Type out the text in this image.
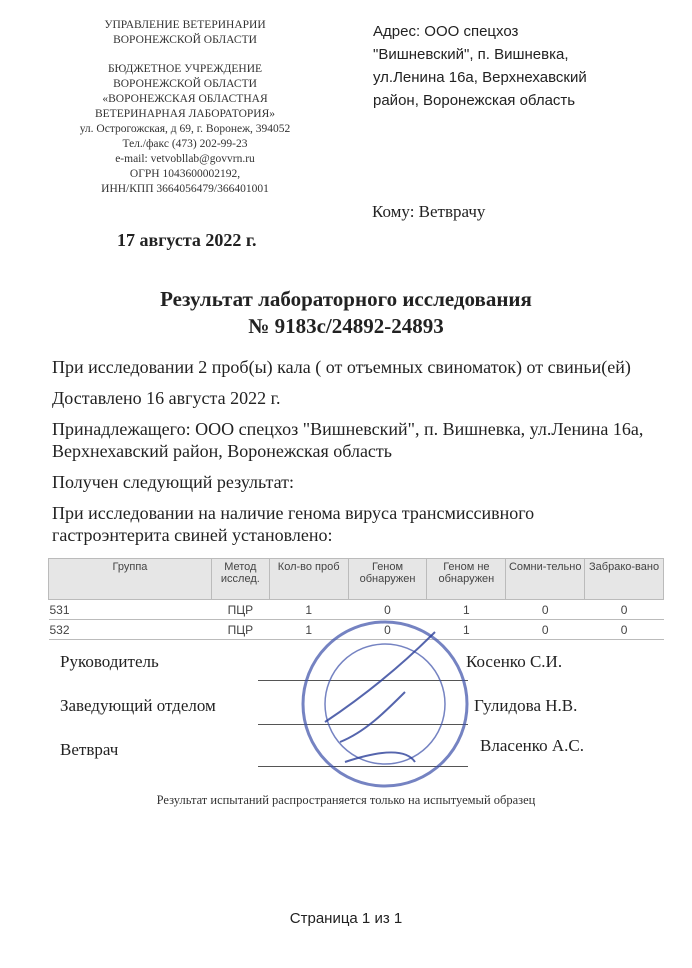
УПРАВЛЕНИЕ ВЕТЕРИНАРИИ
ВОРОНЕЖСКОЙ ОБЛАСТИ
БЮДЖЕТНОЕ УЧРЕЖДЕНИЕ
ВОРОНЕЖСКОЙ ОБЛАСТИ
«ВОРОНЕЖСКАЯ ОБЛАСТНАЯ
ВЕТЕРИНАРНАЯ ЛАБОРАТОРИЯ»
ул. Острогожская, д 69, г. Воронеж, 394052
Тел./факс (473) 202-99-23
e-mail: vetvobllab@govvrn.ru
ОГРН 1043600002192,
ИНН/КПП 3664056479/366401001
Адрес: ООО спецхоз
"Вишневский", п. Вишневка,
ул.Ленина 16а, Верхнехавский
район, Воронежская область
Кому: Ветврачу
17 августа 2022 г.
Результат лабораторного исследования
№ 9183с/24892-24893

При исследовании 2 проб(ы) кала ( от отъемных свиноматок) от свиньи(ей)

Доставлено 16 августа 2022 г.

Принадлежащего: ООО спецхоз "Вишневский", п. Вишневка, ул.Ленина 16а, Верхнехавский район, Воронежская область

Получен следующий результат:

При исследовании на наличие генома вируса трансмиссивного гастроэнтерита свиней установлено:

Группа	Метод исслед.	Кол-во проб	Геном обнаружен	Геном не обнаружен	Сомни-тельно	Забрако-вано
531	ПЦР	1	0	1	0	0
532	ПЦР	1	0	1	0	0
Руководитель	Косенко С.И.
Заведующий отделом	Гулидова Н.В.
Ветврач	Власенко А.С.
Результат испытаний распространяется только на испытуемый образец
Страница 1 из 1
